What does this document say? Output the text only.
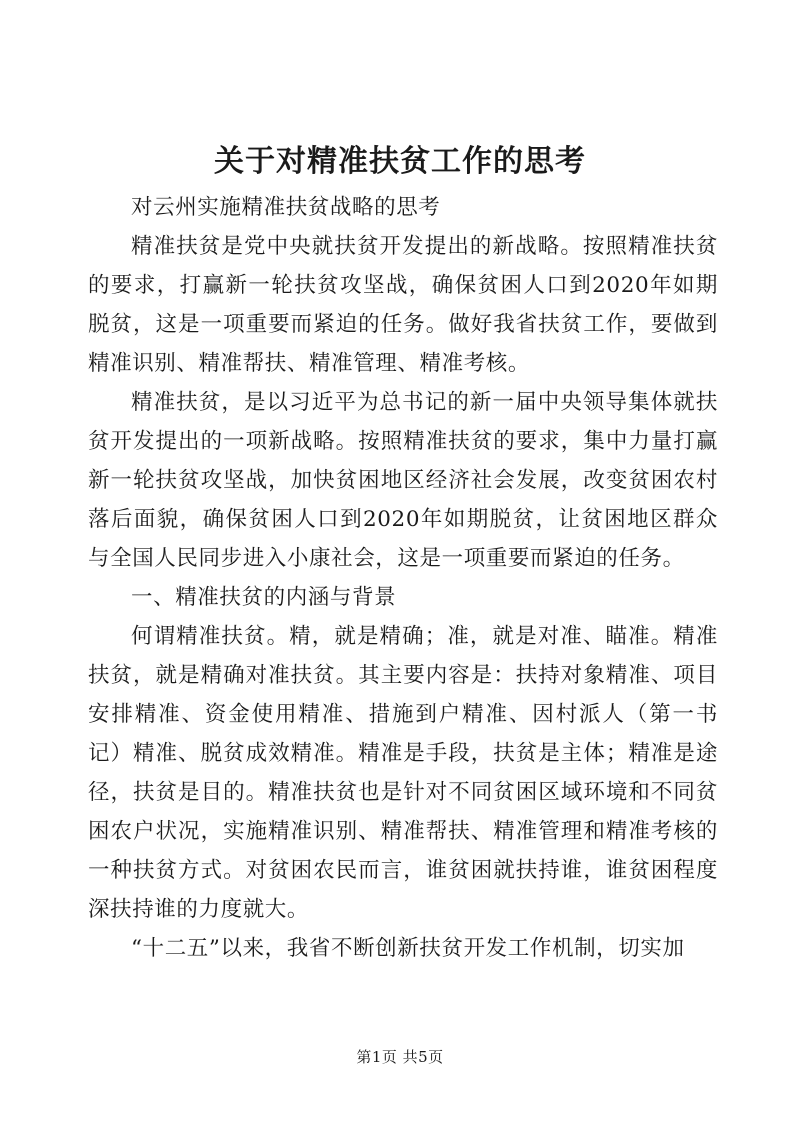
关于对精准扶贫工作的思考

对云州实施精准扶贫战略的思考

精准扶贫是党中央就扶贫开发提出的新战略。按照精准扶贫的要求，打赢新一轮扶贫攻坚战，确保贫困人口到2020年如期脱贫，这是一项重要而紧迫的任务。做好我省扶贫工作，要做到精准识别、精准帮扶、精准管理、精准考核。

精准扶贫，是以习近平为总书记的新一届中央领导集体就扶贫开发提出的一项新战略。按照精准扶贫的要求，集中力量打赢新一轮扶贫攻坚战，加快贫困地区经济社会发展，改变贫困农村落后面貌，确保贫困人口到2020年如期脱贫，让贫困地区群众与全国人民同步进入小康社会，这是一项重要而紧迫的任务。

一、精准扶贫的内涵与背景

何谓精准扶贫。精，就是精确；准，就是对准、瞄准。精准扶贫，就是精确对准扶贫。其主要内容是：扶持对象精准、项目安排精准、资金使用精准、措施到户精准、因村派人（第一书记）精准、脱贫成效精准。精准是手段，扶贫是主体；精准是途径，扶贫是目的。精准扶贫也是针对不同贫困区域环境和不同贫困农户状况，实施精准识别、精准帮扶、精准管理和精准考核的一种扶贫方式。对贫困农民而言，谁贫困就扶持谁，谁贫困程度深扶持谁的力度就大。

“十二五”以来，我省不断创新扶贫开发工作机制，切实加

第1页 共5页
